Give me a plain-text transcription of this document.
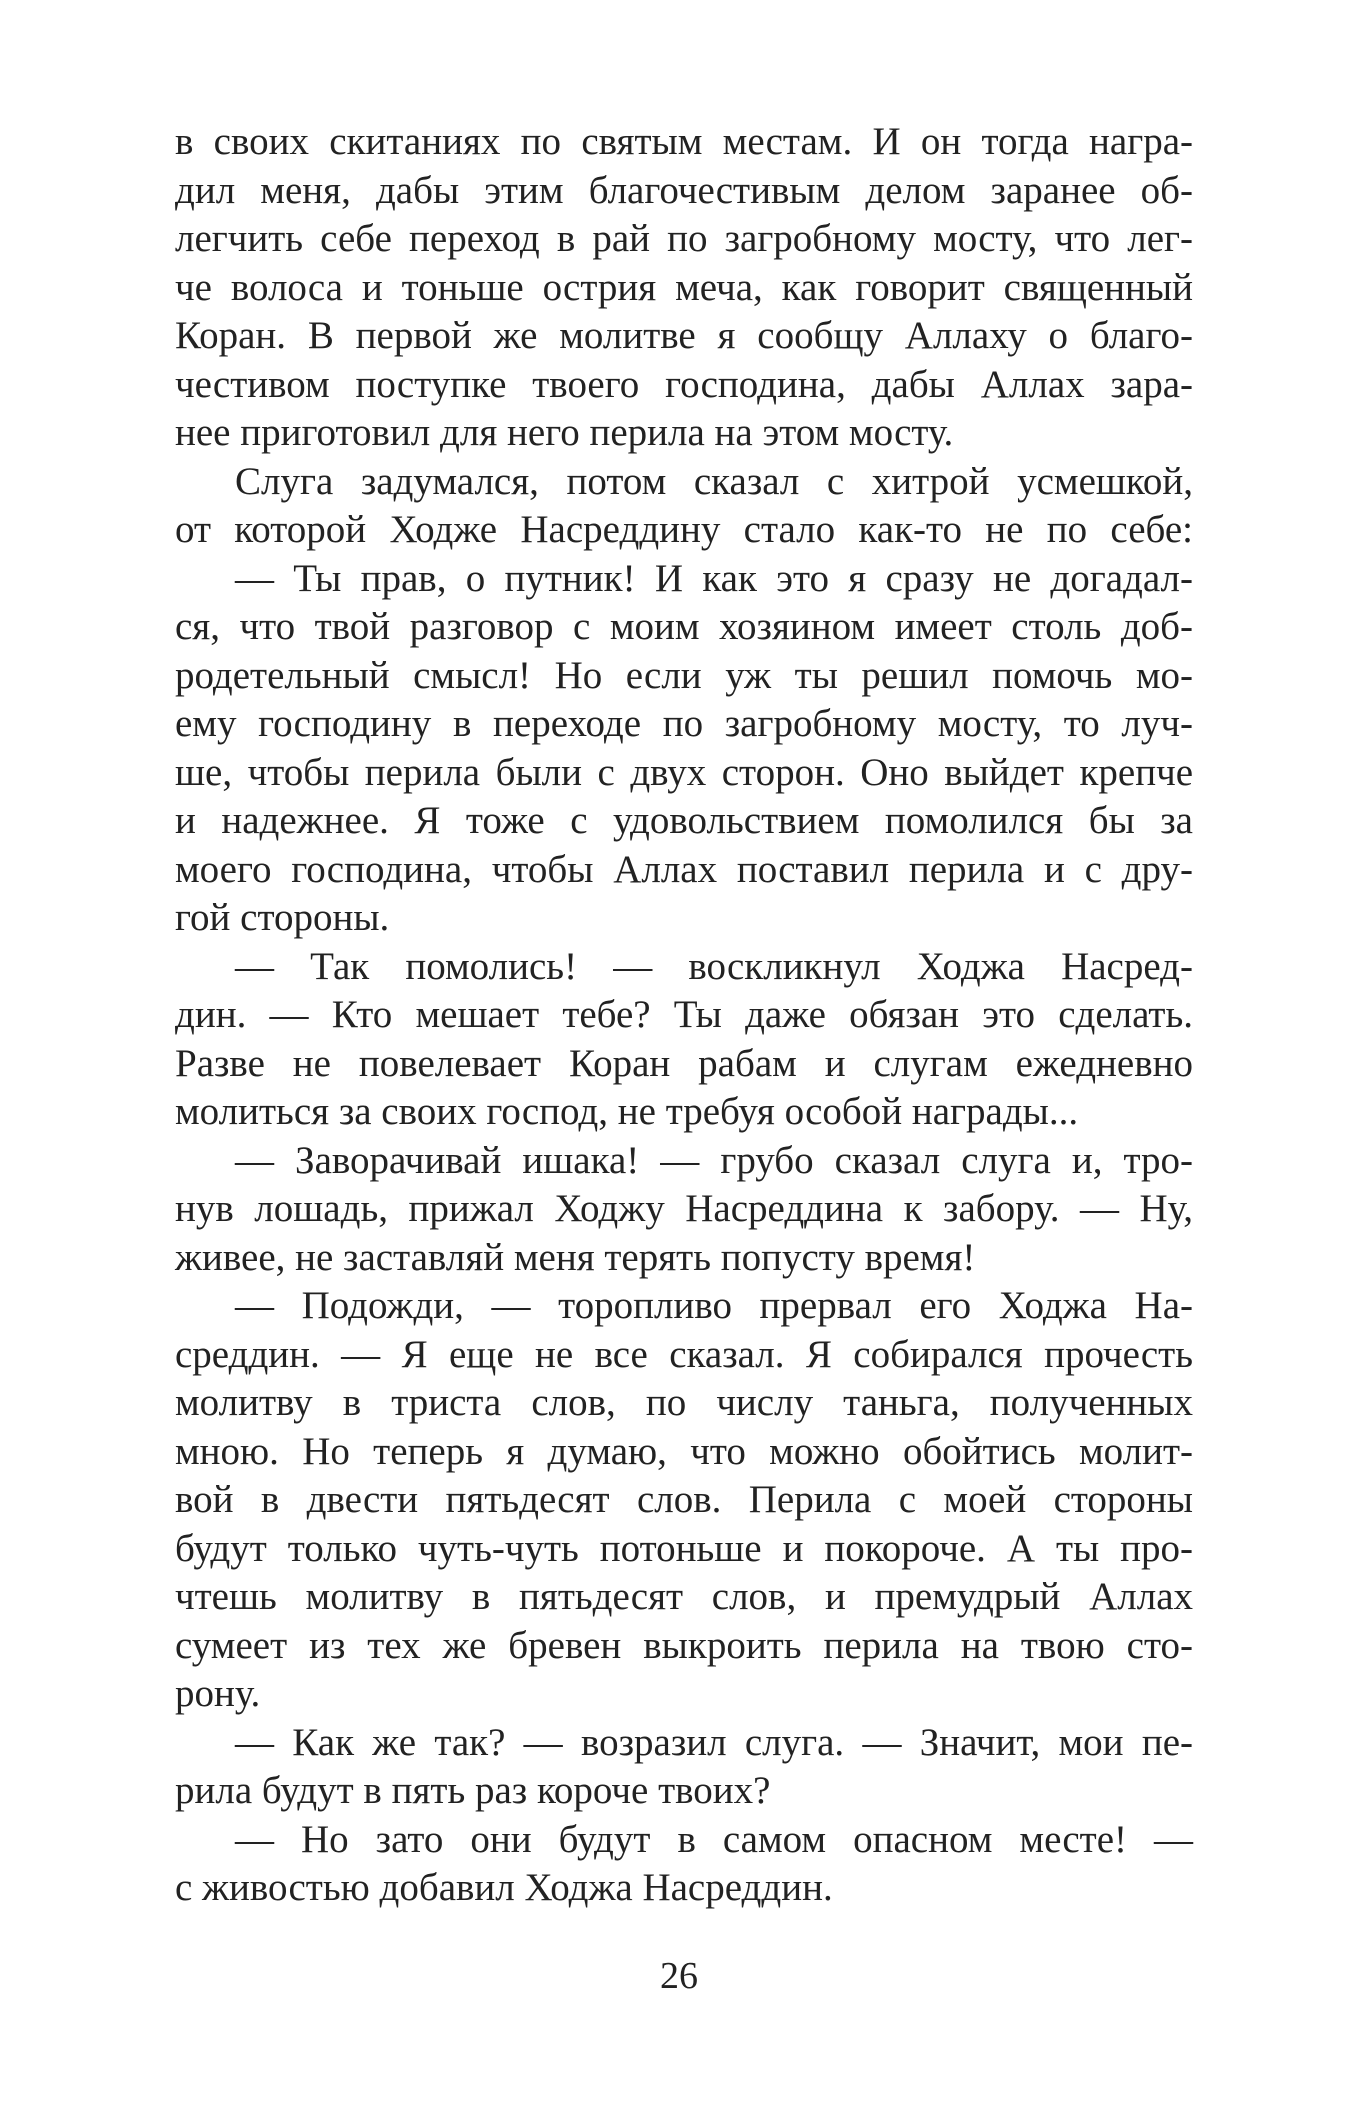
в своих скитаниях по святым местам. И он тогда награ-
дил меня, дабы этим благочестивым делом заранее об-
легчить себе переход в рай по загробному мосту, что лег-
че волоса и тоньше острия меча, как говорит священный
Коран. В первой же молитве я сообщу Аллаху о благо-
честивом поступке твоего господина, дабы Аллах зара-
нее приготовил для него перила на этом мосту.
Слуга задумался, потом сказал с хитрой усмешкой,
от которой Ходже Насреддину стало как-то не по себе:
— Ты прав, о путник! И как это я сразу не догадал-
ся, что твой разговор с моим хозяином имеет столь доб-
родетельный смысл! Но если уж ты решил помочь мо-
ему господину в переходе по загробному мосту, то луч-
ше, чтобы перила были с двух сторон. Оно выйдет крепче
и надежнее. Я тоже с удовольствием помолился бы за
моего господина, чтобы Аллах поставил перила и с дру-
гой стороны.
— Так помолись! — воскликнул Ходжа Насред-
дин. — Кто мешает тебе? Ты даже обязан это сделать.
Разве не повелевает Коран рабам и слугам ежедневно
молиться за своих господ, не требуя особой награды...
— Заворачивай ишака! — грубо сказал слуга и, тро-
нув лошадь, прижал Ходжу Насреддина к забору. — Ну,
живее, не заставляй меня терять попусту время!
— Подожди, — торопливо прервал его Ходжа На-
среддин. — Я еще не все сказал. Я собирался прочесть
молитву в триста слов, по числу таньга, полученных
мною. Но теперь я думаю, что можно обойтись молит-
вой в двести пятьдесят слов. Перила с моей стороны
будут только чуть-чуть потоньше и покороче. А ты про-
чтешь молитву в пятьдесят слов, и премудрый Аллах
сумеет из тех же бревен выкроить перила на твою сто-
рону.
— Как же так? — возразил слуга. — Значит, мои пе-
рила будут в пять раз короче твоих?
— Но зато они будут в самом опасном месте! —
с живостью добавил Ходжа Насреддин.
26
